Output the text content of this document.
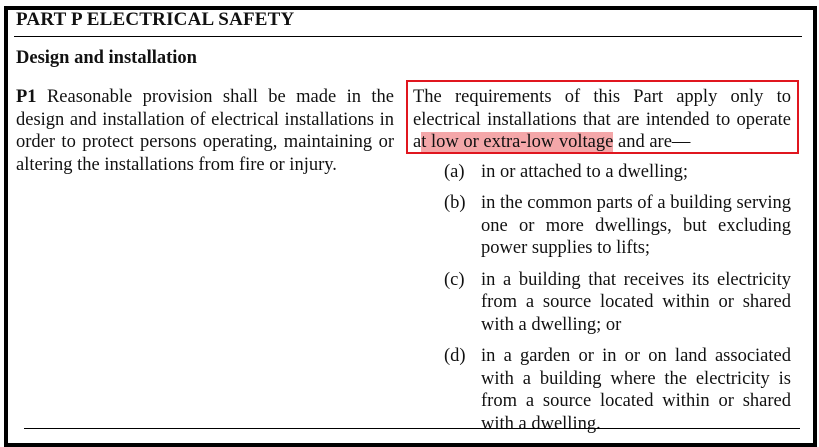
PART P ELECTRICAL SAFETY
Design and installation
P1 Reasonable provision shall be made in the design and installation of electrical installations in order to protect persons operating, maintaining or altering the installations from fire or injury.
The requirements of this Part apply only to electrical installations that are intended to operate at low or extra-low voltage and are—
(a) in or attached to a dwelling;
(b) in the common parts of a building serving one or more dwellings, but excluding power supplies to lifts;
(c) in a building that receives its electricity from a source located within or shared with a dwelling; or
(d) in a garden or in or on land associated with a building where the electricity is from a source located within or shared with a dwelling.
